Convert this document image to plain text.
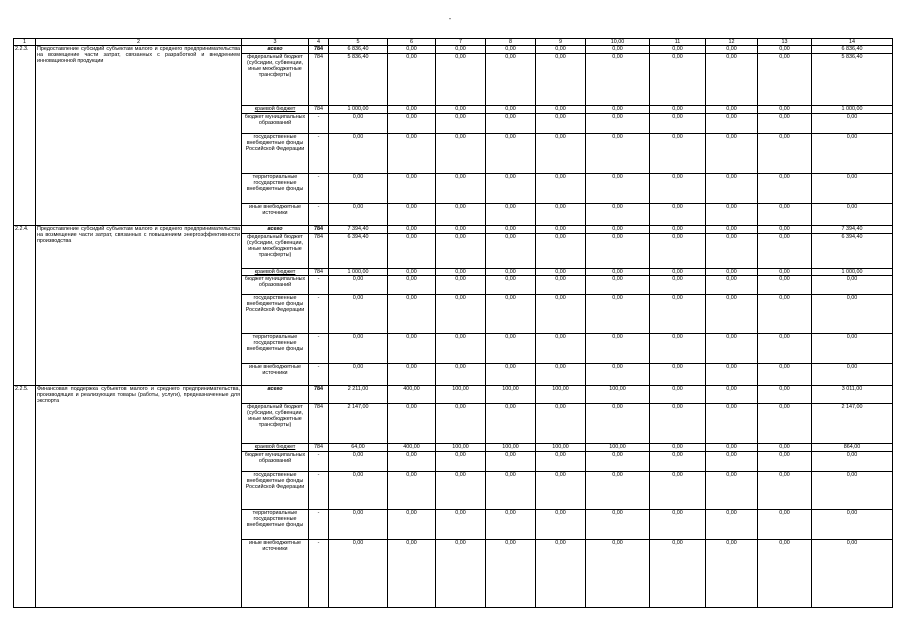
"
1	2	3	4	5	6	7	8	9	10,00	11	12	13	14
2.2.3.	Предоставление субсидий субъектам малого и среднего предпринимательства на возмещение части затрат, связанных с разработкой и внедрением инновационной продукции	всего	784	6 836,40	0,00	0,00	0,00	0,00	0,00	0,00	0,00	0,00	6 836,40
		федеральный бюджет (субсидии, субвенции, иные межбюджетные трансферты)	784	5 836,40	0,00	0,00	0,00	0,00	0,00	0,00	0,00	0,00	5 836,40
		краевой бюджет	784	1 000,00	0,00	0,00	0,00	0,00	0,00	0,00	0,00	0,00	1 000,00
		бюджет муниципальных образований	-	0,00	0,00	0,00	0,00	0,00	0,00	0,00	0,00	0,00	0,00
		государственные внебюджетные фонды Российской Федерации	-	0,00	0,00	0,00	0,00	0,00	0,00	0,00	0,00	0,00	0,00
		территориальные государственные внебюджетные фонды	-	0,00	0,00	0,00	0,00	0,00	0,00	0,00	0,00	0,00	0,00
		иные внебюджетные источники	-	0,00	0,00	0,00	0,00	0,00	0,00	0,00	0,00	0,00	0,00
2.2.4.	Предоставление субсидий субъектам малого и среднего предпринимательства на возмещение части затрат, связанных с повышением энергоэффективности производства	всего	784	7 394,40	0,00	0,00	0,00	0,00	0,00	0,00	0,00	0,00	7 394,40
		федеральный бюджет (субсидии, субвенции, иные межбюджетные трансферты)	784	6 394,40	0,00	0,00	0,00	0,00	0,00	0,00	0,00	0,00	6 394,40
		краевой бюджет	784	1 000,00	0,00	0,00	0,00	0,00	0,00	0,00	0,00	0,00	1 000,00
		бюджет муниципальных образований	-	0,00	0,00	0,00	0,00	0,00	0,00	0,00	0,00	0,00	0,00
		государственные внебюджетные фонды Российской Федерации	-	0,00	0,00	0,00	0,00	0,00	0,00	0,00	0,00	0,00	0,00
		территориальные государственные внебюджетные фонды	-	0,00	0,00	0,00	0,00	0,00	0,00	0,00	0,00	0,00	0,00
		иные внебюджетные источники	-	0,00	0,00	0,00	0,00	0,00	0,00	0,00	0,00	0,00	0,00
2.2.5.	Финансовая поддержка субъектов малого и среднего предпринимательства, производящих и реализующих товары (работы, услуги), предназначенные для экспорта	всего	784	2 211,00	400,00	100,00	100,00	100,00	100,00	0,00	0,00	0,00	3 011,00
		федеральный бюджет (субсидии, субвенции, иные межбюджетные трансферты)	784	2 147,00	0,00	0,00	0,00	0,00	0,00	0,00	0,00	0,00	2 147,00
		краевой бюджет	784	64,00	400,00	100,00	100,00	100,00	100,00	0,00	0,00	0,00	864,00
		бюджет муниципальных образований	-	0,00	0,00	0,00	0,00	0,00	0,00	0,00	0,00	0,00	0,00
		государственные внебюджетные фонды Российской Федерации	-	0,00	0,00	0,00	0,00	0,00	0,00	0,00	0,00	0,00	0,00
		территориальные государственные внебюджетные фонды	-	0,00	0,00	0,00	0,00	0,00	0,00	0,00	0,00	0,00	0,00
		иные внебюджетные источники	-	0,00	0,00	0,00	0,00	0,00	0,00	0,00	0,00	0,00	0,00
